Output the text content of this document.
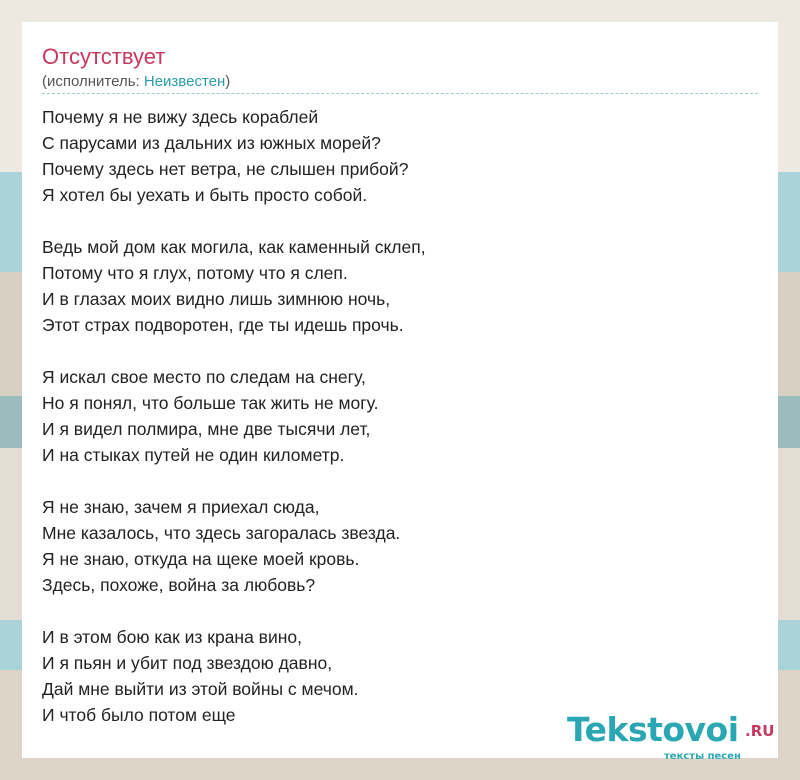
Отсутствует
(исполнитель: Неизвестен)
Почему я не вижу здесь кораблей
С парусами из дальних из южных морей?
Почему здесь нет ветра, не слышен прибой?
Я хотел бы уехать и быть просто собой.
Ведь мой дом как могила, как каменный склеп,
Потому что я глух, потому что я слеп.
И в глазах моих видно лишь зимнюю ночь,
Этот страх подворотен, где ты идешь прочь.
Я искал свое место по следам на снегу,
Но я понял, что больше так жить не могу.
И я видел полмира, мне две тысячи лет,
И на стыках путей не один километр.
Я не знаю, зачем я приехал сюда,
Мне казалось, что здесь загоралась звезда.
Я не знаю, откуда на щеке моей кровь.
Здесь, похоже, война за любовь?
И в этом бою как из крана вино,
И я пьян и убит под звездою давно,
Дай мне выйти из этой войны с мечом.
И чтоб было потом еще	Tekstovoi .RU
тексты песен
